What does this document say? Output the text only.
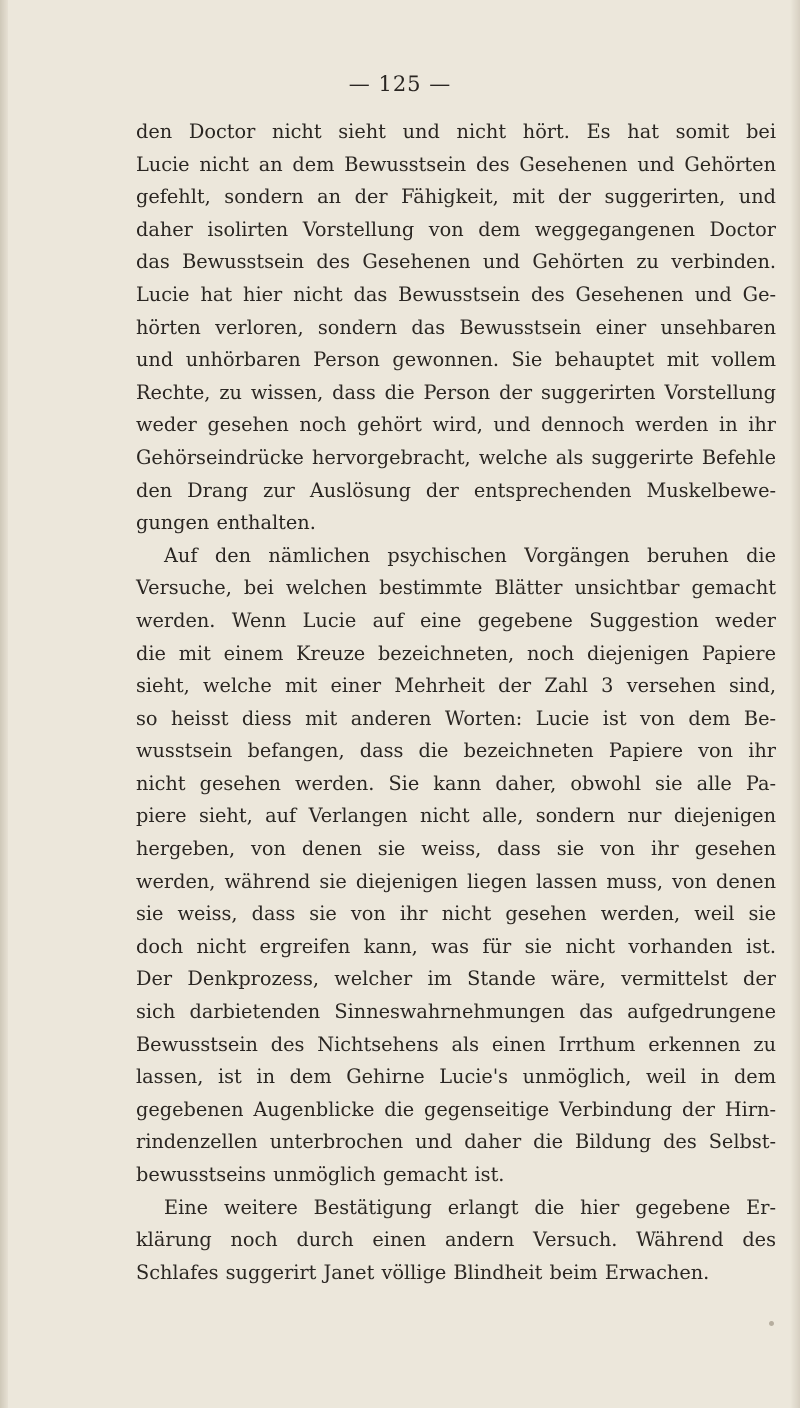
— 125 —
den Doctor nicht sieht und nicht hört. Es hat somit bei
Lucie nicht an dem Bewusstsein des Gesehenen und Gehörten
gefehlt, sondern an der Fähigkeit, mit der suggerirten, und
daher isolirten Vorstellung von dem weggegangenen Doctor
das Bewusstsein des Gesehenen und Gehörten zu verbinden.
Lucie hat hier nicht das Bewusstsein des Gesehenen und Ge-
hörten verloren, sondern das Bewusstsein einer unsehbaren
und unhörbaren Person gewonnen. Sie behauptet mit vollem
Rechte, zu wissen, dass die Person der suggerirten Vorstellung
weder gesehen noch gehört wird, und dennoch werden in ihr
Gehörseindrücke hervorgebracht, welche als suggerirte Befehle
den Drang zur Auslösung der entsprechenden Muskelbewe-
gungen enthalten.
Auf den nämlichen psychischen Vorgängen beruhen die
Versuche, bei welchen bestimmte Blätter unsichtbar gemacht
werden. Wenn Lucie auf eine gegebene Suggestion weder
die mit einem Kreuze bezeichneten, noch diejenigen Papiere
sieht, welche mit einer Mehrheit der Zahl 3 versehen sind,
so heisst diess mit anderen Worten: Lucie ist von dem Be-
wusstsein befangen, dass die bezeichneten Papiere von ihr
nicht gesehen werden. Sie kann daher, obwohl sie alle Pa-
piere sieht, auf Verlangen nicht alle, sondern nur diejenigen
hergeben, von denen sie weiss, dass sie von ihr gesehen
werden, während sie diejenigen liegen lassen muss, von denen
sie weiss, dass sie von ihr nicht gesehen werden, weil sie
doch nicht ergreifen kann, was für sie nicht vorhanden ist.
Der Denkprozess, welcher im Stande wäre, vermittelst der
sich darbietenden Sinneswahrnehmungen das aufgedrungene
Bewusstsein des Nichtsehens als einen Irrthum erkennen zu
lassen, ist in dem Gehirne Lucie's unmöglich, weil in dem
gegebenen Augenblicke die gegenseitige Verbindung der Hirn-
rindenzellen unterbrochen und daher die Bildung des Selbst-
bewusstseins unmöglich gemacht ist.
Eine weitere Bestätigung erlangt die hier gegebene Er-
klärung noch durch einen andern Versuch. Während des
Schlafes suggerirt Janet völlige Blindheit beim Erwachen.
